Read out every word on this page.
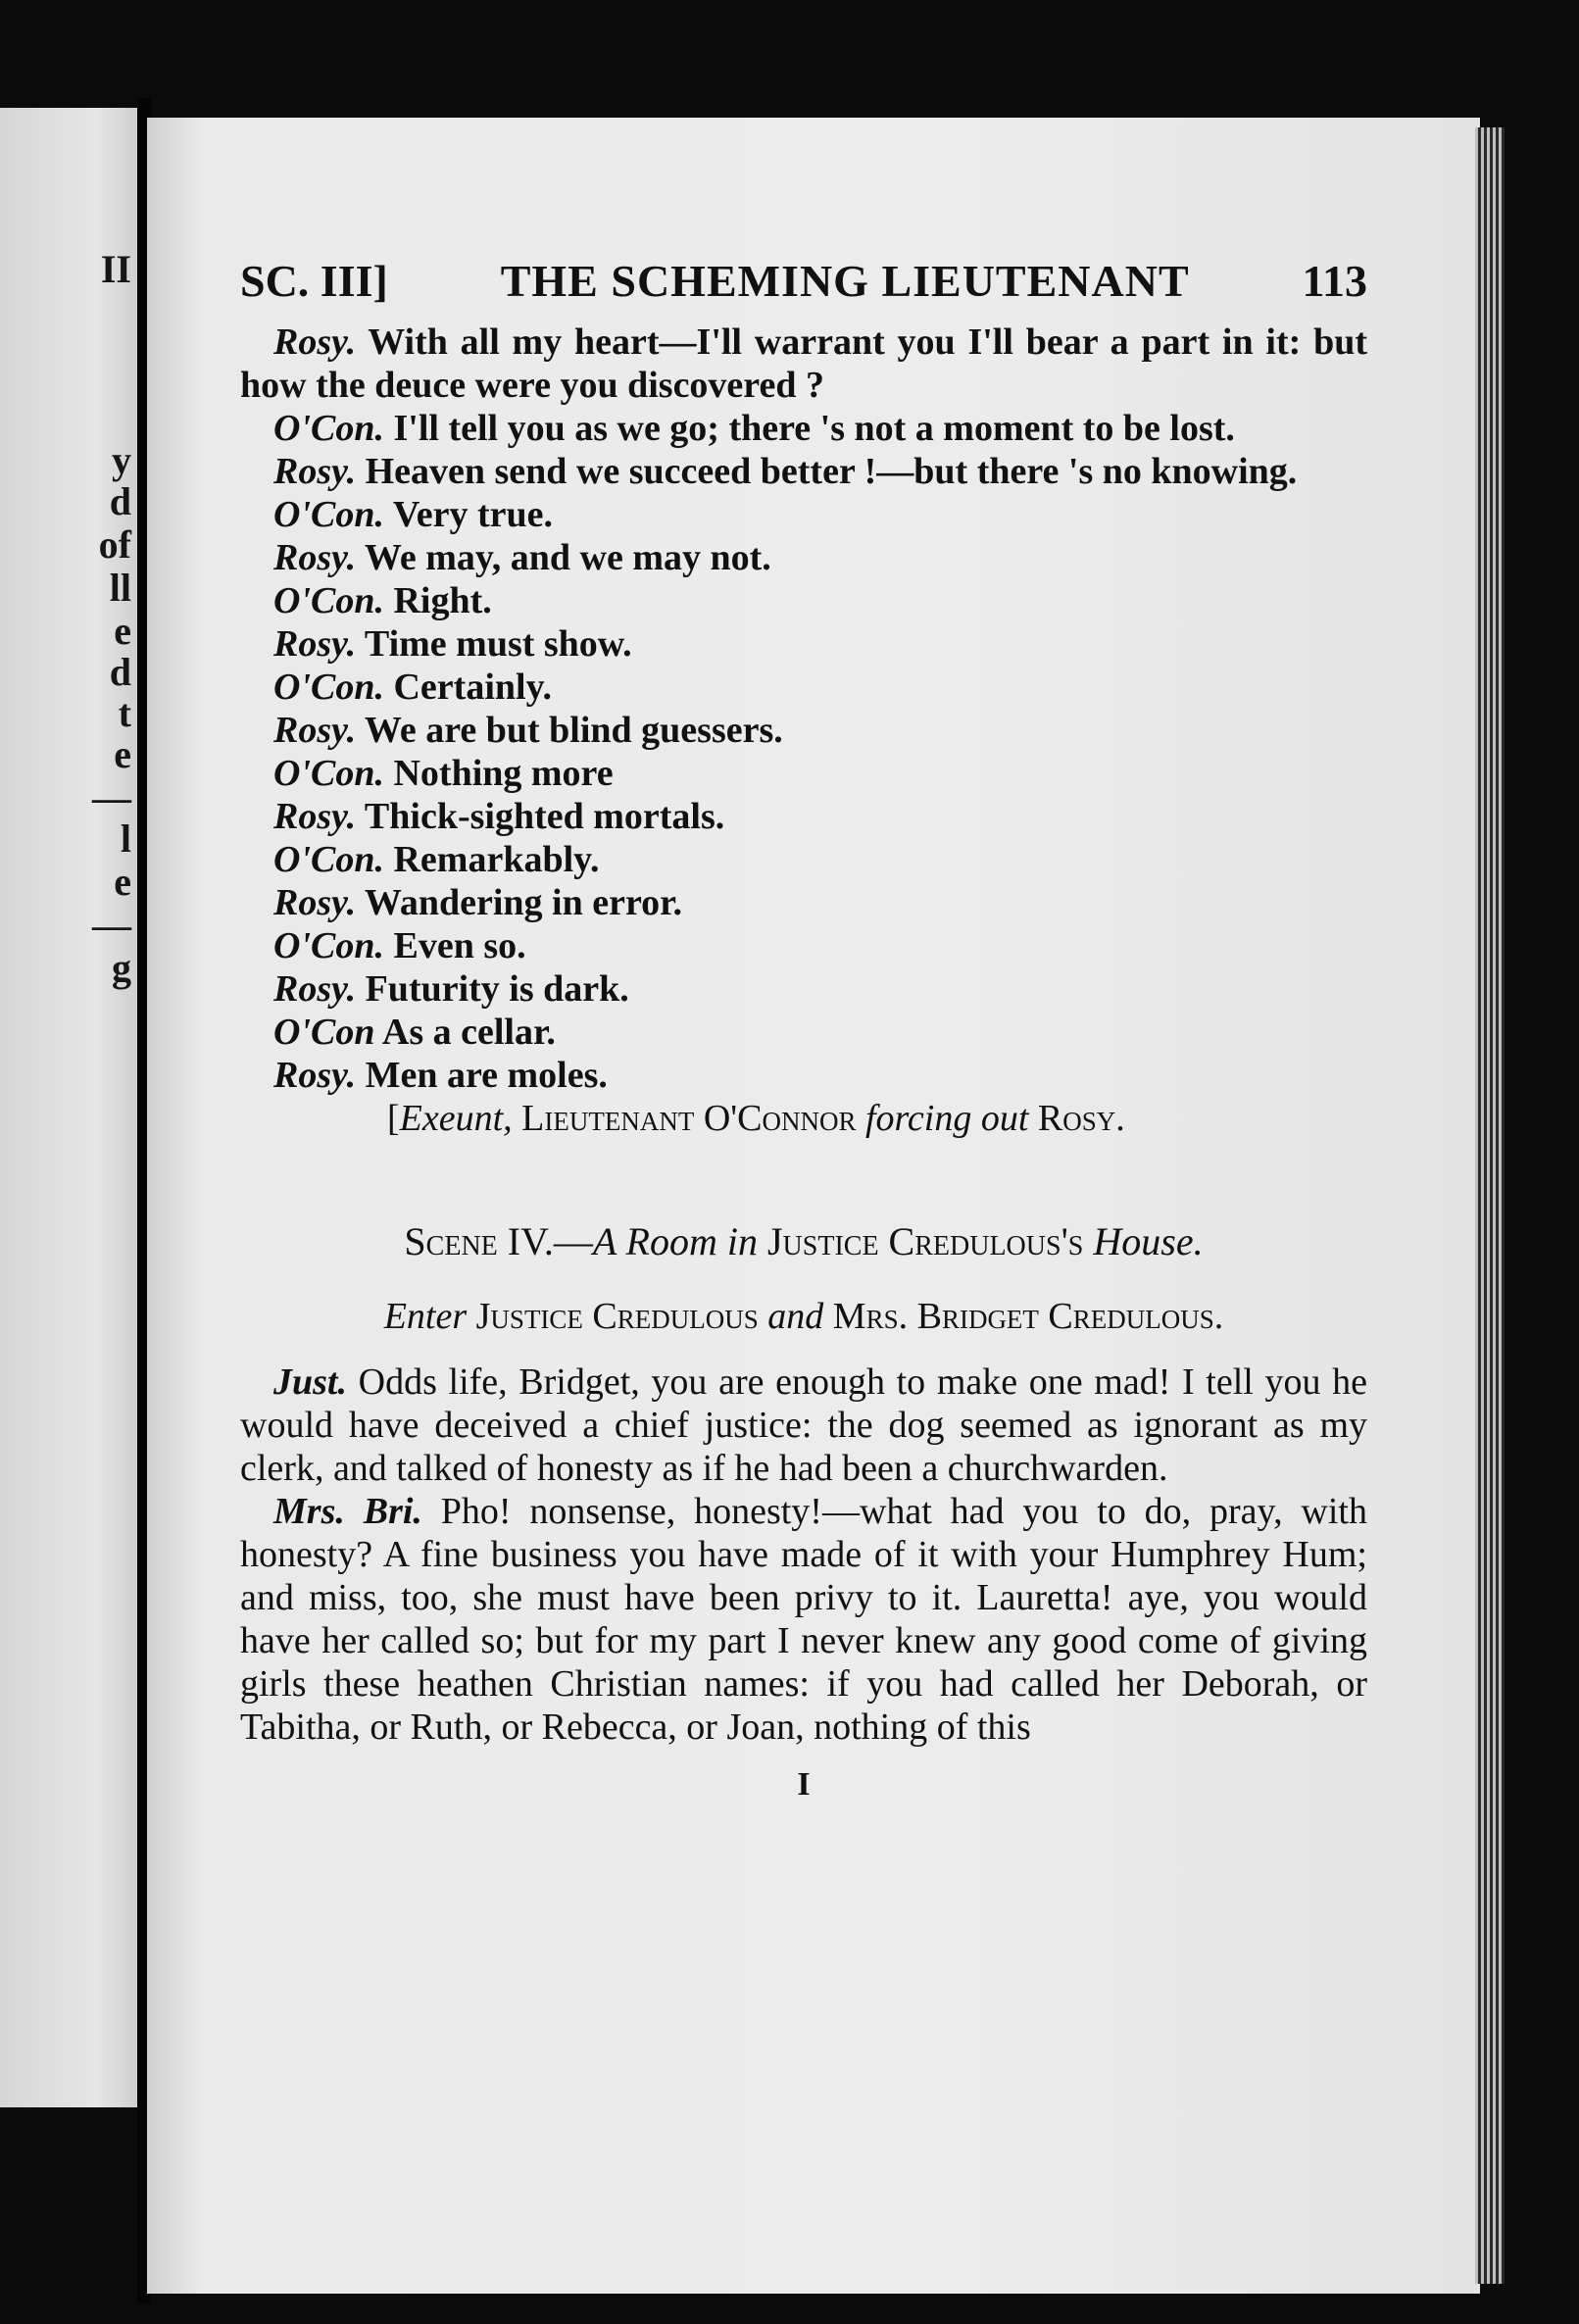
II
y
d
of
ll
e
d
t
e
—
l
e
—
g
SC. III] THE SCHEMING LIEUTENANT 113

Rosy. With all my heart—I'll warrant you I'll bear a part in it: but how the deuce were you discovered ?

O'Con. I'll tell you as we go; there 's not a moment to be lost.

Rosy. Heaven send we succeed better !—but there 's no knowing.

O'Con. Very true.

Rosy. We may, and we may not.

O'Con. Right.

Rosy. Time must show.

O'Con. Certainly.

Rosy. We are but blind guessers.

O'Con. Nothing more

Rosy. Thick-sighted mortals.

O'Con. Remarkably.

Rosy. Wandering in error.

O'Con. Even so.

Rosy. Futurity is dark.

O'Con As a cellar.

Rosy. Men are moles.

[Exeunt, Lieutenant O'Connor forcing out Rosy.

Scene IV.—A Room in Justice Credulous's House.
Enter Justice Credulous and Mrs. Bridget Credulous.

Just. Odds life, Bridget, you are enough to make one mad! I tell you he would have deceived a chief justice: the dog seemed as ignorant as my clerk, and talked of honesty as if he had been a churchwarden.

Mrs. Bri. Pho! nonsense, honesty!—what had you to do, pray, with honesty? A fine business you have made of it with your Humphrey Hum; and miss, too, she must have been privy to it. Lauretta! aye, you would have her called so; but for my part I never knew any good come of giving girls these heathen Christian names: if you had called her Deborah, or Tabitha, or Ruth, or Rebecca, or Joan, nothing of this

I
